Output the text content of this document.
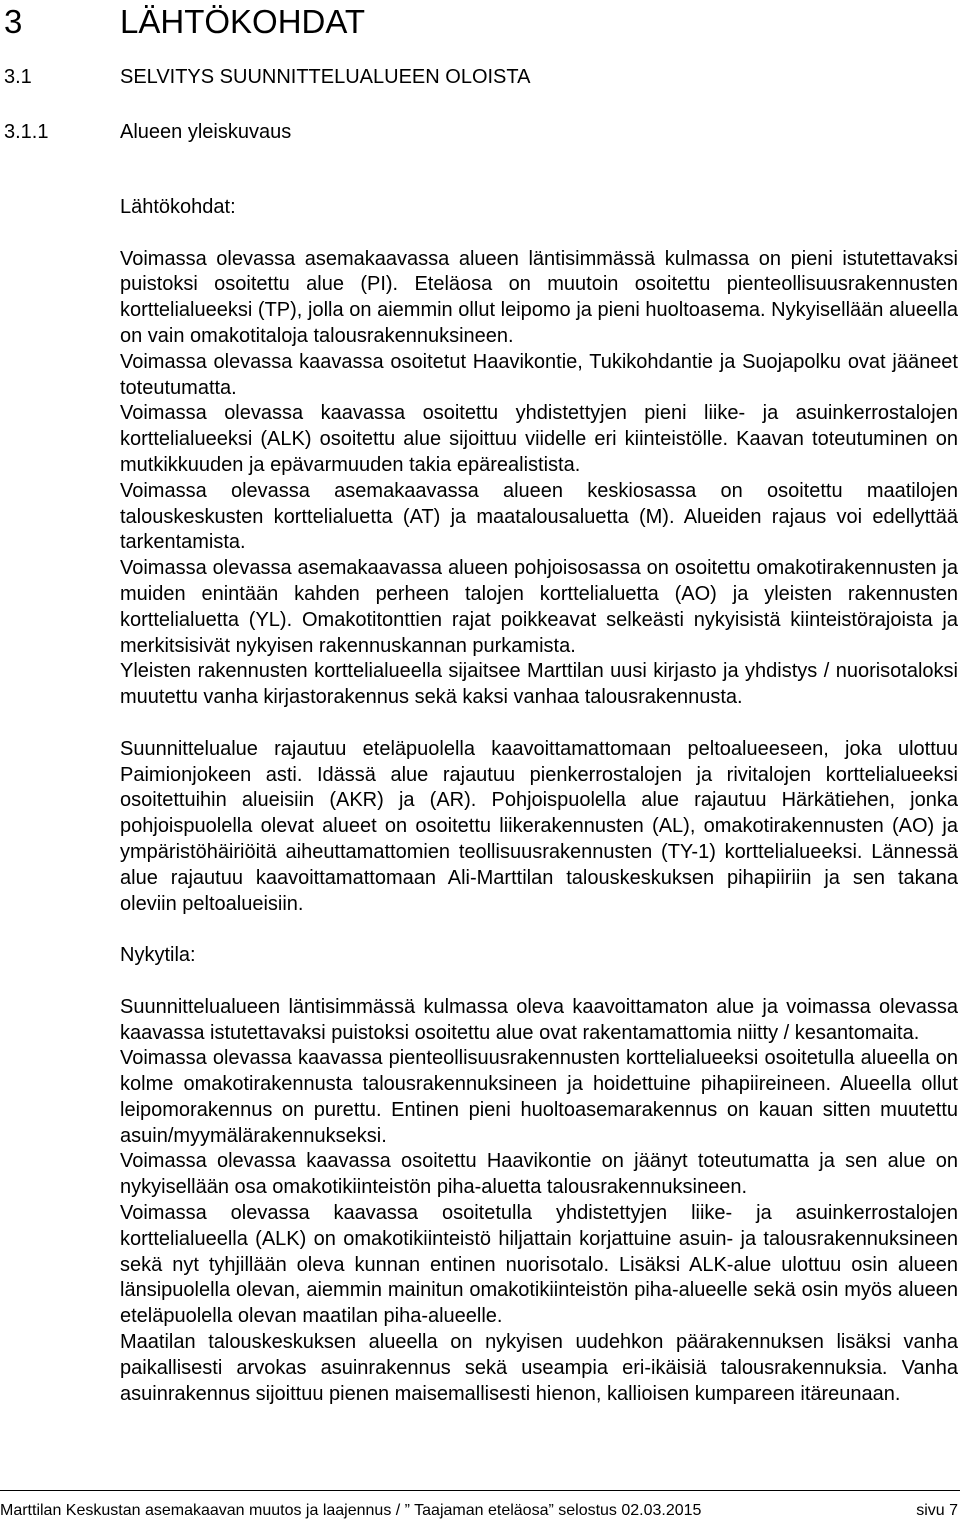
3	LÄHTÖKOHDAT
3.1	SELVITYS SUUNNITTELUALUEEN OLOISTA
3.1.1	Alueen yleiskuvaus

Lähtökohdat:

Voimassa olevassa asemakaavassa alueen läntisimmässä kulmassa on pieni istutettavaksi puistoksi osoitettu alue (PI). Eteläosa on muutoin osoitettu pienteollisuusrakennusten korttelialueeksi (TP), jolla on aiemmin ollut leipomo ja pieni huoltoasema. Nykyisellään alueella on vain omakotitaloja talousrakennuksineen.

Voimassa olevassa kaavassa osoitetut Haavikontie, Tukikohdantie ja Suojapolku ovat jääneet toteutumatta.

Voimassa olevassa kaavassa osoitettu yhdistettyjen pieni liike- ja asuinkerrostalojen korttelialueeksi (ALK) osoitettu alue sijoittuu viidelle eri kiinteistölle. Kaavan toteutuminen on mutkikkuuden ja epävarmuuden takia epärealistista.

Voimassa olevassa asemakaavassa alueen keskiosassa on osoitettu maatilojen talouskeskusten korttelialuetta (AT) ja maatalousaluetta (M). Alueiden rajaus voi edellyttää tarkentamista.

Voimassa olevassa asemakaavassa alueen pohjoisosassa on osoitettu omakotirakennusten ja muiden enintään kahden perheen talojen korttelialuetta (AO) ja yleisten rakennusten korttelialuetta (YL). Omakotitonttien rajat poikkeavat selkeästi nykyisistä kiinteistörajoista ja merkitsisivät nykyisen rakennuskannan purkamista.

Yleisten rakennusten korttelialueella sijaitsee Marttilan uusi kirjasto ja yhdistys / nuorisotaloksi muutettu vanha kirjastorakennus sekä kaksi vanhaa talousrakennusta.

Suunnittelualue rajautuu eteläpuolella kaavoittamattomaan peltoalueeseen, joka ulottuu Paimionjokeen asti. Idässä alue rajautuu pienkerrostalojen ja rivitalojen korttelialueeksi osoitettuihin alueisiin (AKR) ja (AR). Pohjoispuolella alue rajautuu Härkätiehen, jonka pohjoispuolella olevat alueet on osoitettu liikerakennusten (AL), omakotirakennusten (AO) ja ympäristöhäiriöitä aiheuttamattomien teollisuusrakennusten (TY-1) korttelialueeksi. Lännessä alue rajautuu kaavoittamattomaan Ali-Marttilan talouskeskuksen pihapiiriin ja sen takana oleviin peltoalueisiin.

Nykytila:

Suunnittelualueen läntisimmässä kulmassa oleva kaavoittamaton alue ja voimassa olevassa kaavassa istutettavaksi puistoksi osoitettu alue ovat rakentamattomia niitty / kesantomaita.

Voimassa olevassa kaavassa pienteollisuusrakennusten korttelialueeksi osoitetulla alueella on kolme omakotirakennusta talousrakennuksineen ja hoidettuine pihapiireineen. Alueella ollut leipomorakennus on purettu. Entinen pieni huoltoasemarakennus on kauan sitten muutettu asuin/myymälärakennukseksi.

Voimassa olevassa kaavassa osoitettu Haavikontie on jäänyt toteutumatta ja sen alue on nykyisellään osa omakotikiinteistön piha-aluetta talousrakennuksineen.

Voimassa olevassa kaavassa osoitetulla yhdistettyjen liike- ja asuinkerrostalojen korttelialueella (ALK) on omakotikiinteistö hiljattain korjattuine asuin- ja talousrakennuksineen sekä nyt tyhjillään oleva kunnan entinen nuorisotalo. Lisäksi ALK-alue ulottuu osin alueen länsipuolella olevan, aiemmin mainitun omakotikiinteistön piha-alueelle sekä osin myös alueen eteläpuolella olevan maatilan piha-alueelle.

Maatilan talouskeskuksen alueella on nykyisen uudehkon päärakennuksen lisäksi vanha paikallisesti arvokas asuinrakennus sekä useampia eri-ikäisiä talousrakennuksia. Vanha asuinrakennus sijoittuu pienen maisemallisesti hienon, kallioisen kumpareen itäreunaan.

Marttilan Keskustan asemakaavan muutos ja laajennus / ” Taajaman eteläosa” selostus 02.03.2015	sivu 7
